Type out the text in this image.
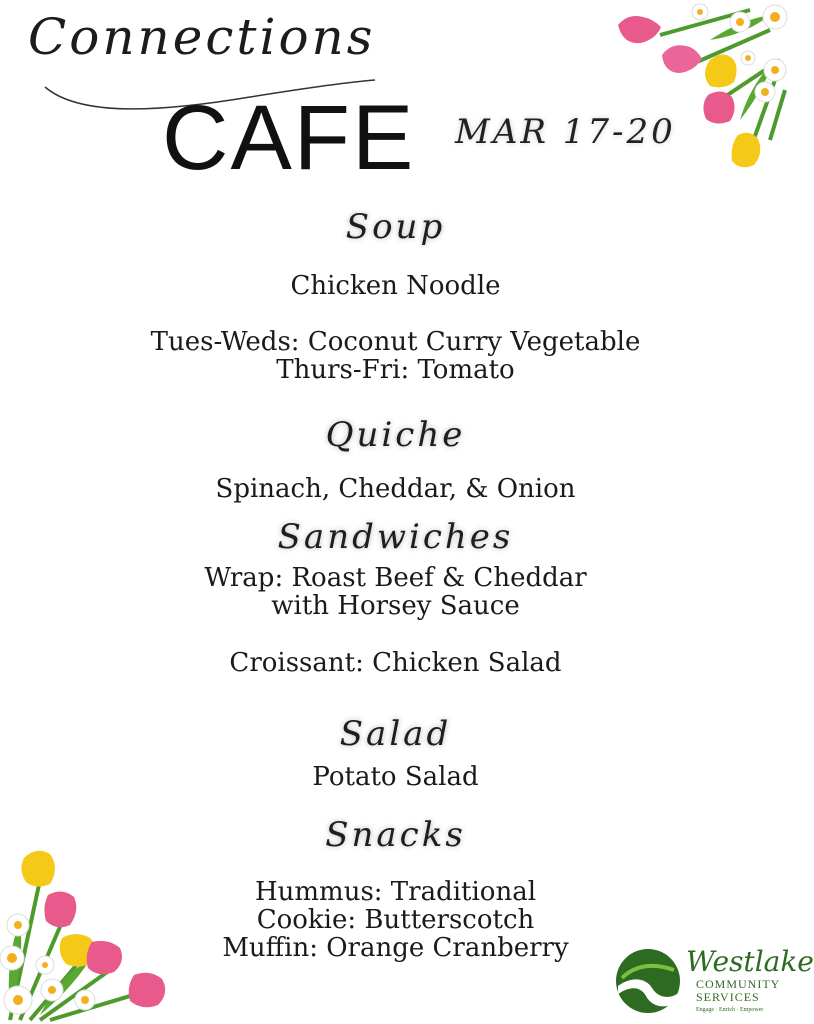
Connections
CAFE MAR 17-20
Soup
Chicken Noodle
Tues-Weds: Coconut Curry Vegetable
Thurs-Fri: Tomato
Quiche
Spinach, Cheddar, & Onion
Sandwiches
Wrap: Roast Beef & Cheddar
with Horsey Sauce
Croissant: Chicken Salad
Salad
Potato Salad
Snacks
Hummus: Traditional
Cookie: Butterscotch
Muffin: Orange Cranberry	Westlake
COMMUNITY
SERVICES
Engage · Enrich · Empower
